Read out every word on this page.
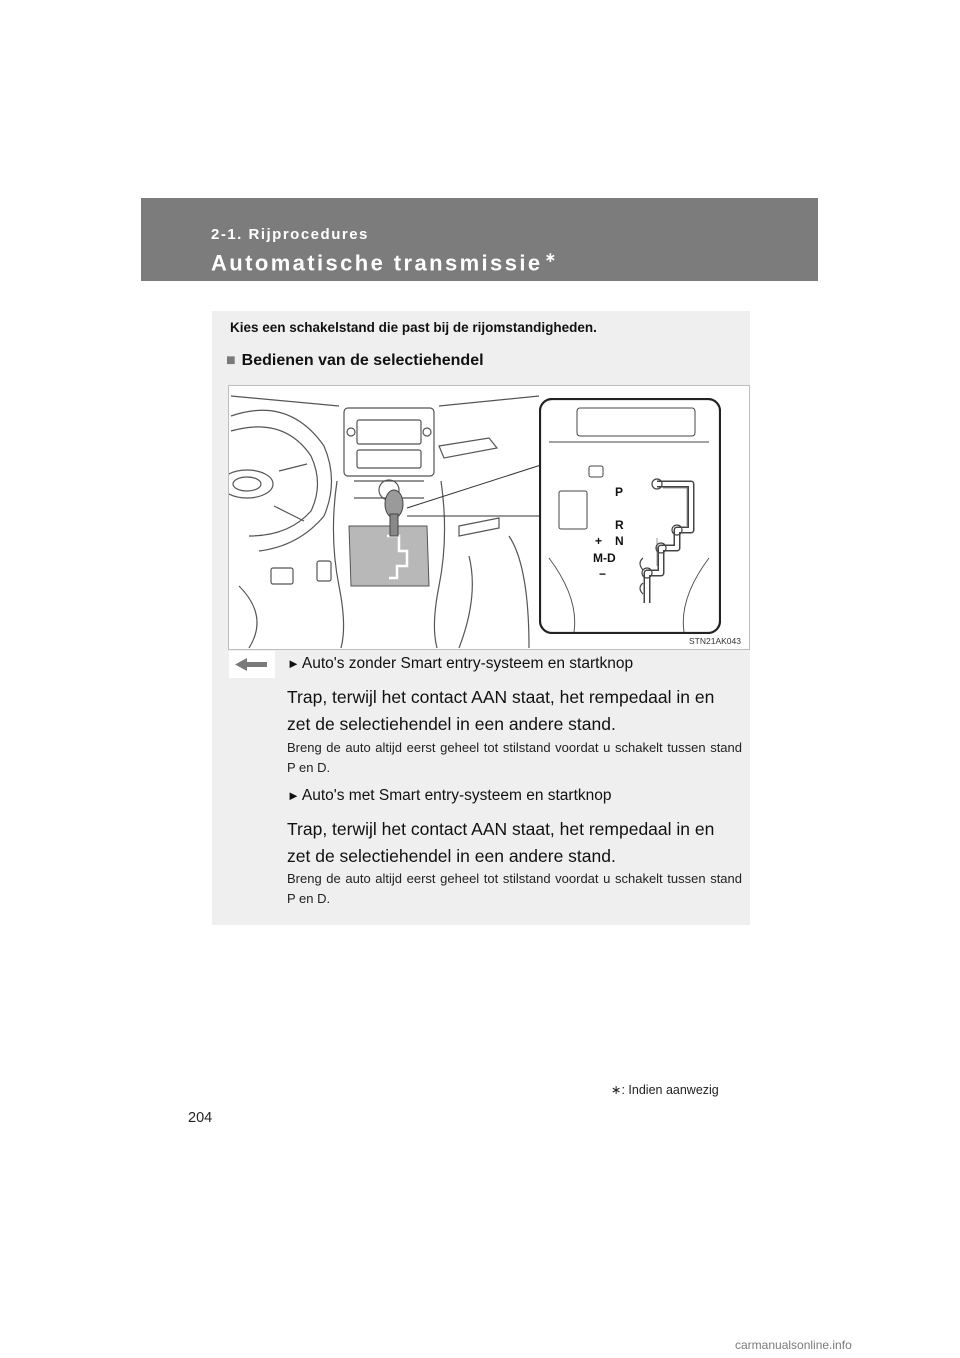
2-1. Rijprocedures
Automatische transmissie ∗
Kies een schakelstand die past bij de rijomstandigheden.
■ Bedienen van de selectiehendel
P
R
+ N
M-D
−
STN21AK043
► Auto's zonder Smart entry-systeem en startknop
Trap, terwijl het contact AAN staat, het rempedaal in en zet de selectiehendel in een andere stand.
Breng de auto altijd eerst geheel tot stilstand voordat u schakelt tussen stand P en D.
► Auto's met Smart entry-systeem en startknop
Trap, terwijl het contact AAN staat, het rempedaal in en zet de selectiehendel in een andere stand.
Breng de auto altijd eerst geheel tot stilstand voordat u schakelt tussen stand P en D.
∗: Indien aanwezig
204
carmanualsonline.info
